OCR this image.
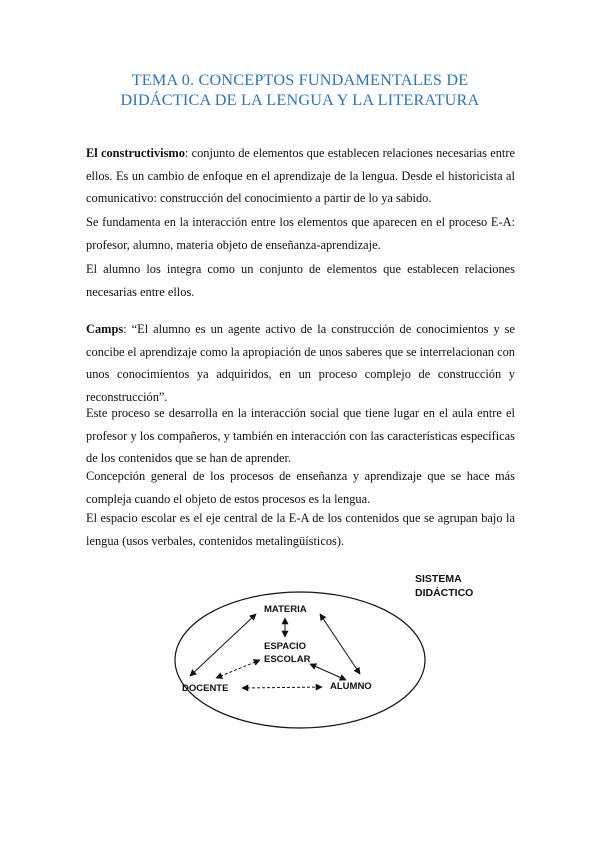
TEMA 0. CONCEPTOS FUNDAMENTALES DE
DIDÁCTICA DE LA LENGUA Y LA LITERATURA

El constructivismo: conjunto de elementos que establecen relaciones necesarias entre ellos. Es un cambio de enfoque en el aprendizaje de la lengua. Desde el historicista al comunicativo: construcción del conocimiento a partir de lo ya sabido.

Se fundamenta en la interacción entre los elementos que aparecen en el proceso E-A: profesor, alumno, materia objeto de enseñanza-aprendizaje.

El alumno los integra como un conjunto de elementos que establecen relaciones necesarias entre ellos.

Camps: “El alumno es un agente activo de la construcción de conocimientos y se concibe el aprendizaje como la apropiación de unos saberes que se interrelacionan con unos conocimientos ya adquiridos, en un proceso complejo de construcción y reconstrucción”.

Este proceso se desarrolla en la interacción social que tiene lugar en el aula entre el profesor y los compañeros, y también en interacción con las características específicas de los contenidos que se han de aprender.

Concepción general de los procesos de enseñanza y aprendizaje que se hace más compleja cuando el objeto de estos procesos es la lengua.

El espacio escolar es el eje central de la E-A de los contenidos que se agrupan bajo la lengua (usos verbales, contenidos metalingüísticos).

SISTEMA
DIDÁCTICO
MATERIA
ESPACIO
ESCOLAR
DOCENTE	ALUMNO
